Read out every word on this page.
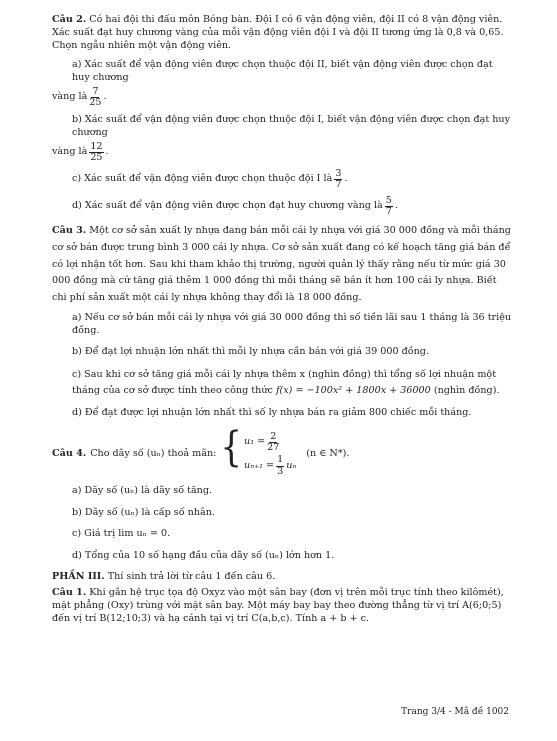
Câu 2. Có hai đội thi đấu môn Bóng bàn. Đội I có 6 vận động viên, đội II có 8 vận động viên. Xác suất đạt huy chương vàng của mỗi vận động viên đội I và đội II tương ứng là 0,8 và 0,65. Chọn ngẫu nhiên một vận động viên.

a) Xác suất để vận động viên được chọn thuộc đội II, biết vận động viên được chọn đạt huy chương

vàng là $\frac{7}{25}$ .

b) Xác suất để vận động viên được chọn thuộc đội I, biết vận động viên được chọn đạt huy chương

vàng là $\frac{12}{25}$ .
c) Xác suất để vận động viên được chọn thuộc đội I là $\frac{3}{7}$ .
d) Xác suất để vận động viên được chọn đạt huy chương vàng là $\frac{5}{7}$ .

Câu 3. Một cơ sở sản xuất ly nhựa đang bán mỗi cái ly nhựa với giá 30 000 đồng và mỗi tháng cơ sở bán được trung bình 3 000 cái ly nhựa. Cơ sở sản xuất đang có kế hoạch tăng giá bán để có lợi nhận tốt hơn. Sau khi tham khảo thị trường, người quản lý thấy rằng nếu từ mức giá 30 000 đồng mà cứ tăng giá thêm 1 000 đồng thì mỗi tháng sẽ bán ít hơn 100 cái ly nhựa. Biết chi phí sản xuất một cái ly nhựa không thay đổi là 18 000 đồng.

a) Nếu cơ sở bán mỗi cái ly nhựa với giá 30 000 đồng thì số tiền lãi sau 1 tháng là 36 triệu đồng.

b) Để đạt lợi nhuận lớn nhất thì mỗi ly nhựa cần bán với giá 39 000 đồng.

c) Sau khi cơ sở tăng giá mỗi cái ly nhựa thêm x (nghìn đồng) thì tổng số lợi nhuận một tháng của cơ sở được tính theo công thức f(x) = −100x² + 1800x + 36000 (nghìn đồng).

d) Để đạt được lợi nhuận lớn nhất thì số ly nhựa bán ra giảm 800 chiếc mỗi tháng.

Câu 4. Cho dãy số (uₙ) thoả mãn: { $u_1 = \frac{2}{27}$
$u_{n+1} = \frac{1}{3}$ uₙ
(n ∈ N*).

a) Dãy số (uₙ) là dãy số tăng.

b) Dãy số (uₙ) là cấp số nhân.

c) Giá trị lim uₙ = 0.

d) Tổng của 10 số hạng đầu của dãy số (uₙ) lớn hơn 1.

PHẦN III. Thí sinh trả lời từ câu 1 đến câu 6.

Câu 1. Khi gắn hệ trục tọa độ Oxyz vào một sân bay (đơn vị trên mỗi trục tính theo kilômét), mặt phẳng (Oxy) trùng với mặt sân bay. Một máy bay bay theo đường thẳng từ vị trí A(6;0;5) đến vị trí B(12;10;3) và hạ cánh tại vị trí C(a,b,c). Tính a + b + c.

Trang 3/4 - Mã đề 1002
